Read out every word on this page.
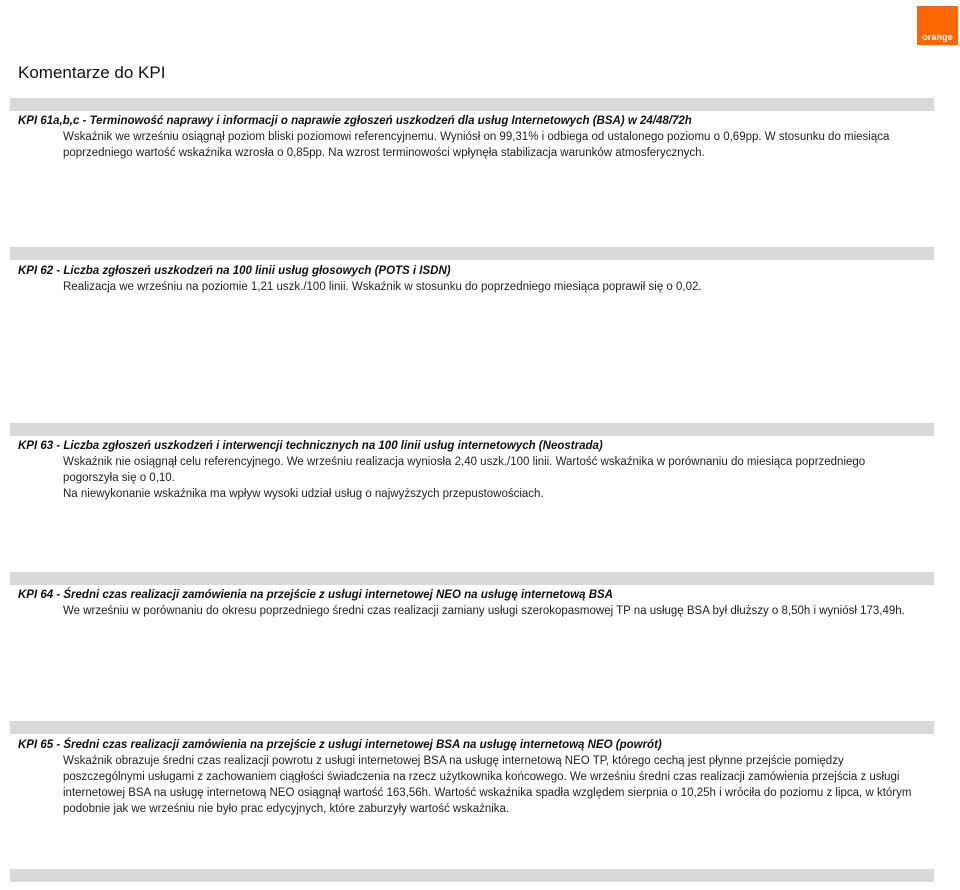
orange
Komentarze do KPI
KPI 61a,b,c - Terminowość naprawy i informacji o naprawie zgłoszeń uszkodzeń dla usług Internetowych (BSA) w 24/48/72h

Wskaźnik we wrześniu osiągnął poziom bliski poziomowi referencyjnemu. Wyniósł on 99,31% i odbiega od ustalonego poziomu o 0,69pp. W stosunku do miesiąca poprzedniego wartość wskaźnika wzrosła o 0,85pp. Na wzrost terminowości wpłynęła stabilizacja warunków atmosferycznych.

KPI 62 - Liczba zgłoszeń uszkodzeń na 100 linii usług głosowych (POTS i ISDN)

Realizacja we wrześniu na poziomie 1,21 uszk./100 linii. Wskaźnik w stosunku do poprzedniego miesiąca poprawił się o 0,02.

KPI 63 - Liczba zgłoszeń uszkodzeń i interwencji technicznych na 100 linii usług internetowych (Neostrada)

Wskaźnik nie osiągnął celu referencyjnego. We wrześniu realizacja wyniosła 2,40 uszk./100 linii. Wartość wskaźnika w porównaniu do miesiąca poprzedniego pogorszyła się o 0,10.

Na niewykonanie wskaźnika ma wpływ wysoki udział usług o najwyższych przepustowościach.

KPI 64 - Średni czas realizacji zamówienia na przejście z usługi internetowej NEO na usługę internetową BSA

We wrześniu w porównaniu do okresu poprzedniego średni czas realizacji zamiany usługi szerokopasmowej TP na usługę BSA był dłuższy o 8,50h i wyniósł 173,49h.

KPI 65 - Średni czas realizacji zamówienia na przejście z usługi internetowej BSA na usługę internetową NEO (powrót)

Wskaźnik obrazuje średni czas realizacji powrotu z usługi internetowej BSA na usługę internetową NEO TP, którego cechą jest płynne przejście pomiędzy poszczególnymi usługami z zachowaniem ciągłości świadczenia na rzecz użytkownika końcowego. We wrześniu średni czas realizacji zamówienia przejścia z usługi internetowej BSA na usługę internetową NEO osiągnął wartość 163,56h. Wartość wskaźnika spadła względem sierpnia o 10,25h i wróciła do poziomu z lipca, w którym podobnie jak we wrześniu nie było prac edycyjnych, które zaburzyły wartość wskaźnika.
